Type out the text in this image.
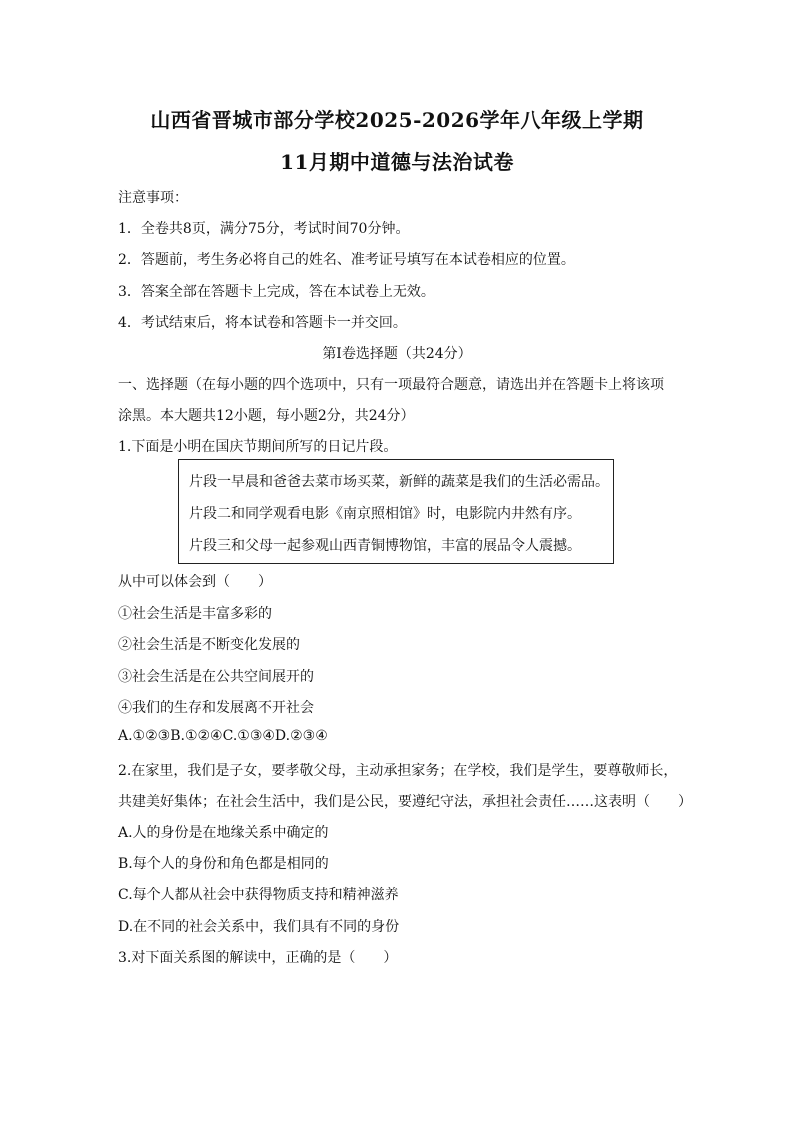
山西省晋城市部分学校2025-2026学年八年级上学期
11月期中道德与法治试卷
注意事项：
1．全卷共8页，满分75分，考试时间70分钟。
2．答题前，考生务必将自己的姓名、准考证号填写在本试卷相应的位置。
3．答案全部在答题卡上完成，答在本试卷上无效。
4．考试结束后，将本试卷和答题卡一并交回。
第Ⅰ卷选择题（共24分）
一、选择题（在每小题的四个选项中，只有一项最符合题意，请选出并在答题卡上将该项
涂黑。本大题共12小题，每小题2分，共24分）
1.下面是小明在国庆节期间所写的日记片段。
片段一早晨和爸爸去菜市场买菜，新鲜的蔬菜是我们的生活必需品。
片段二和同学观看电影《南京照相馆》时，电影院内井然有序。
片段三和父母一起参观山西青铜博物馆，丰富的展品令人震撼。
从中可以体会到（　　）
①社会生活是丰富多彩的
②社会生活是不断变化发展的
③社会生活是在公共空间展开的
④我们的生存和发展离不开社会
A.①②③B.①②④C.①③④D.②③④
2.在家里，我们是子女，要孝敬父母，主动承担家务；在学校，我们是学生，要尊敬师长，
共建美好集体；在社会生活中，我们是公民，要遵纪守法，承担社会责任……这表明（　　）
A.人的身份是在地缘关系中确定的
B.每个人的身份和角色都是相同的
C.每个人都从社会中获得物质支持和精神滋养
D.在不同的社会关系中，我们具有不同的身份
3.对下面关系图的解读中，正确的是（　　）
